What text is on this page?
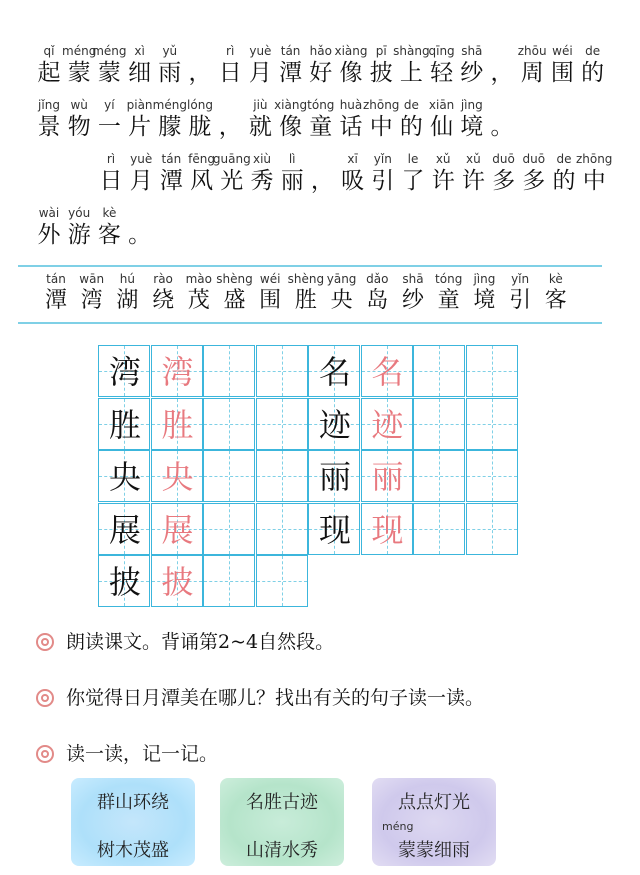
qǐ
起
méng
蒙
méng
蒙
xì
细
yǔ
雨 ，
rì
日
yuè
月
tán
潭
hǎo
好
xiàng
像
pī
披
shàng
上
qīng
轻
shā
纱 ，
zhōu
周
wéi
围
de
的
jǐng
景
wù
物
yí
一
piàn
片
méng
朦
lóng
胧 ，
jiù
就
xiàng
像
tóng
童
huà
话
zhōng
中
de
的
xiān
仙
jìng
境 。
rì
日
yuè
月
tán
潭
fēng
风
guāng
光
xiù
秀
lì
丽 ，
xī
吸
yǐn
引
le
了
xǔ
许
xǔ
许
duō
多
duō
多
de
的
zhōng
中
wài
外
yóu
游
kè
客 。
tán
潭
wān
湾
hú
湖
rào
绕
mào
茂
shèng
盛
wéi
围
shèng
胜
yāng
央
dǎo
岛
shā
纱
tóng
童
jìng
境
yǐn
引
kè
客
湾 湾	名 名
胜 胜	迹 迹
央 央	丽 丽
展 展	现 现
披 披
朗读课文。背诵第2~4自然段。
你觉得日月潭美在哪儿？找出有关的句子读一读。
读一读，记一记。
群山环绕
树木茂盛
名胜古迹
山清水秀
点点灯光
méng
蒙蒙细雨
